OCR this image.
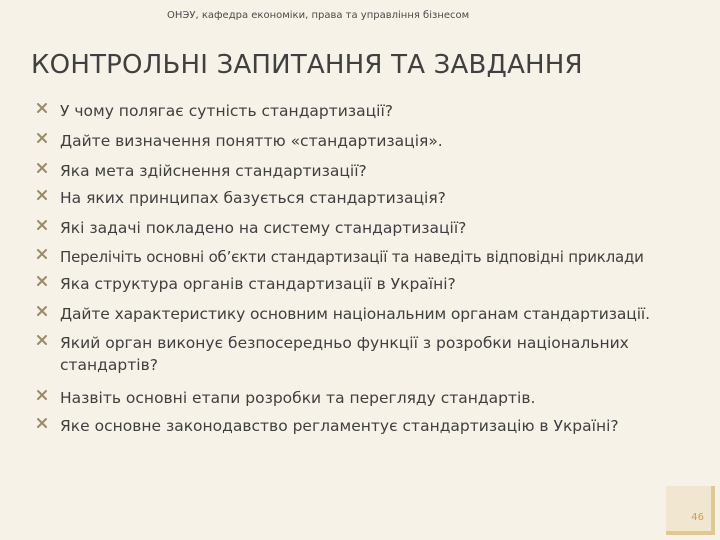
ОНЭУ, кафедра економіки, права та управління бізнесом
КОНТРОЛЬНІ ЗАПИТАННЯ ТА ЗАВДАННЯ
У чому полягає сутність стандартизації?
Дайте визначення поняттю «стандартизація».
Яка мета здійснення стандартизації?
На яких принципах базується стандартизація?
Які задачі покладено на систему стандартизації?
Перелічіть основні об’єкти стандартизації та наведіть відповідні приклади
Яка структура органів стандартизації в Україні?
Дайте характеристику основним національним органам стандартизації.
Який орган виконує безпосередньо функції з розробки національних стандартів?
Назвіть основні етапи розробки та перегляду стандартів.
Яке основне законодавство регламентує стандартизацію в Україні?
46
